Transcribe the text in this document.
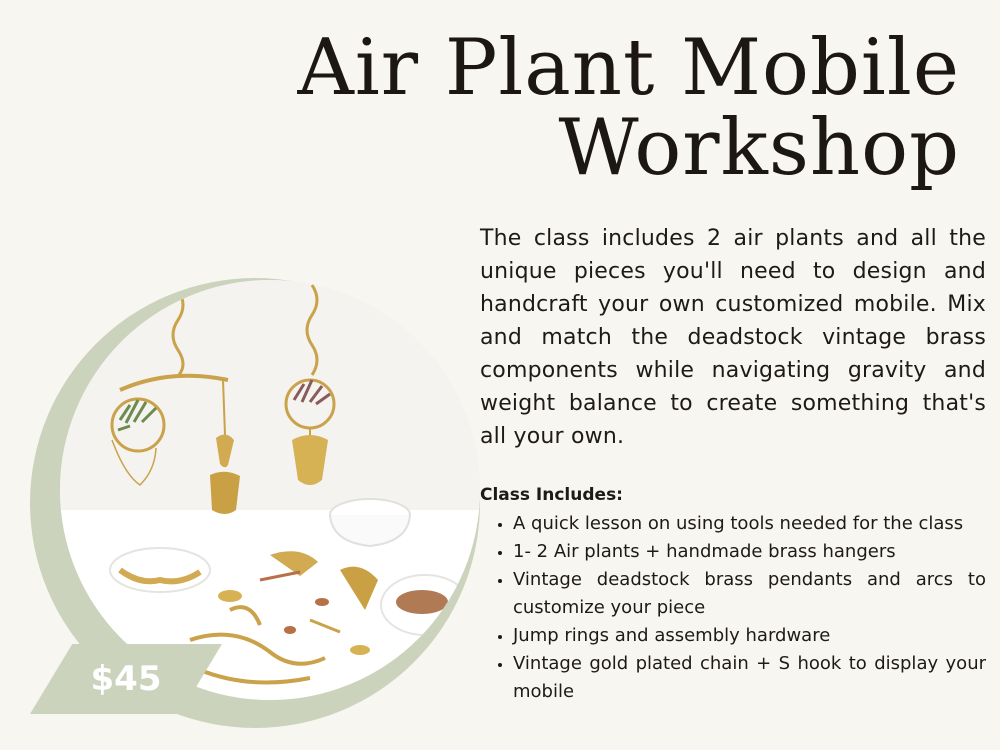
Air Plant Mobile
Workshop

The class includes 2 air plants and all the unique pieces you'll need to design and handcraft your own customized mobile. Mix and match the deadstock vintage brass components while navigating gravity and weight balance to create something that's all your own.

Class Includes:
• A quick lesson on using tools needed for the class
• 1- 2 Air plants + handmade brass hangers
• Vintage deadstock brass pendants and arcs to customize your piece
• Jump rings and assembly hardware
• Vintage gold plated chain + S hook to display your mobile
$45
